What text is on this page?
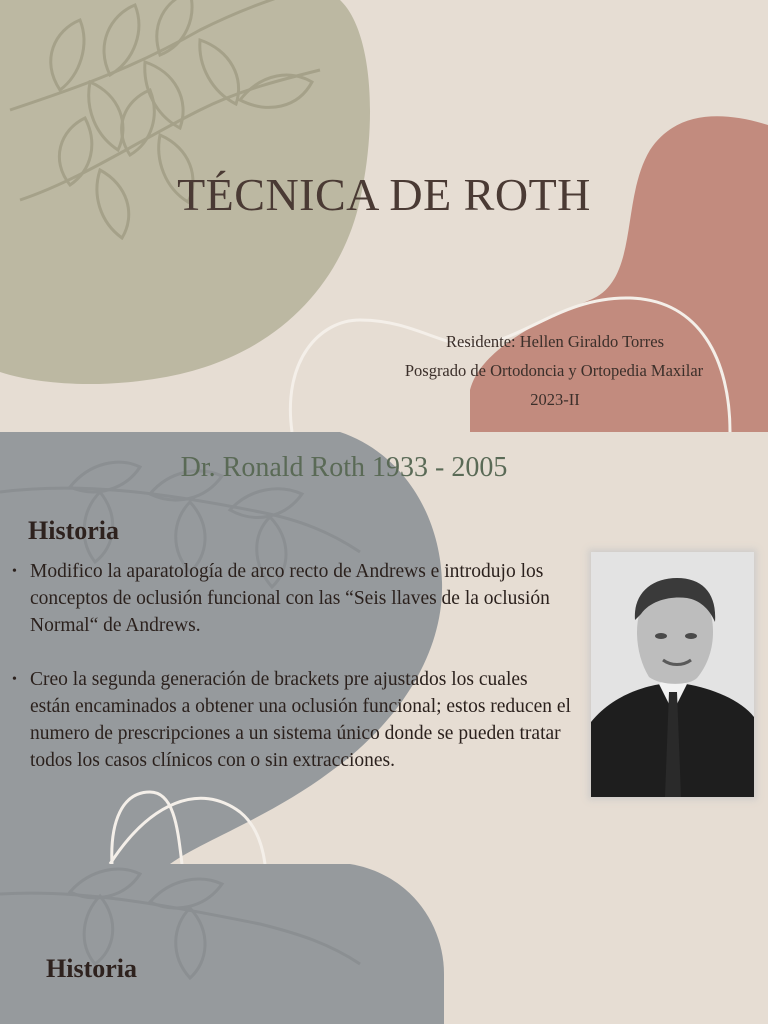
TÉCNICA DE ROTH
Residente: Hellen Giraldo Torres
Posgrado de Ortodoncia y Ortopedia Maxilar
2023-II
Dr. Ronald Roth 1933 - 2005
Historia
• Modifico la aparatología de arco recto de Andrews e introdujo los conceptos de oclusión funcional con las “Seis llaves de la oclusión Normal“ de Andrews.
• Creo la segunda generación de brackets pre ajustados los cuales están encaminados a obtener una oclusión funcional; estos reducen el numero de prescripciones a un sistema único donde se pueden tratar todos los casos clínicos con o sin extracciones.
Historia
